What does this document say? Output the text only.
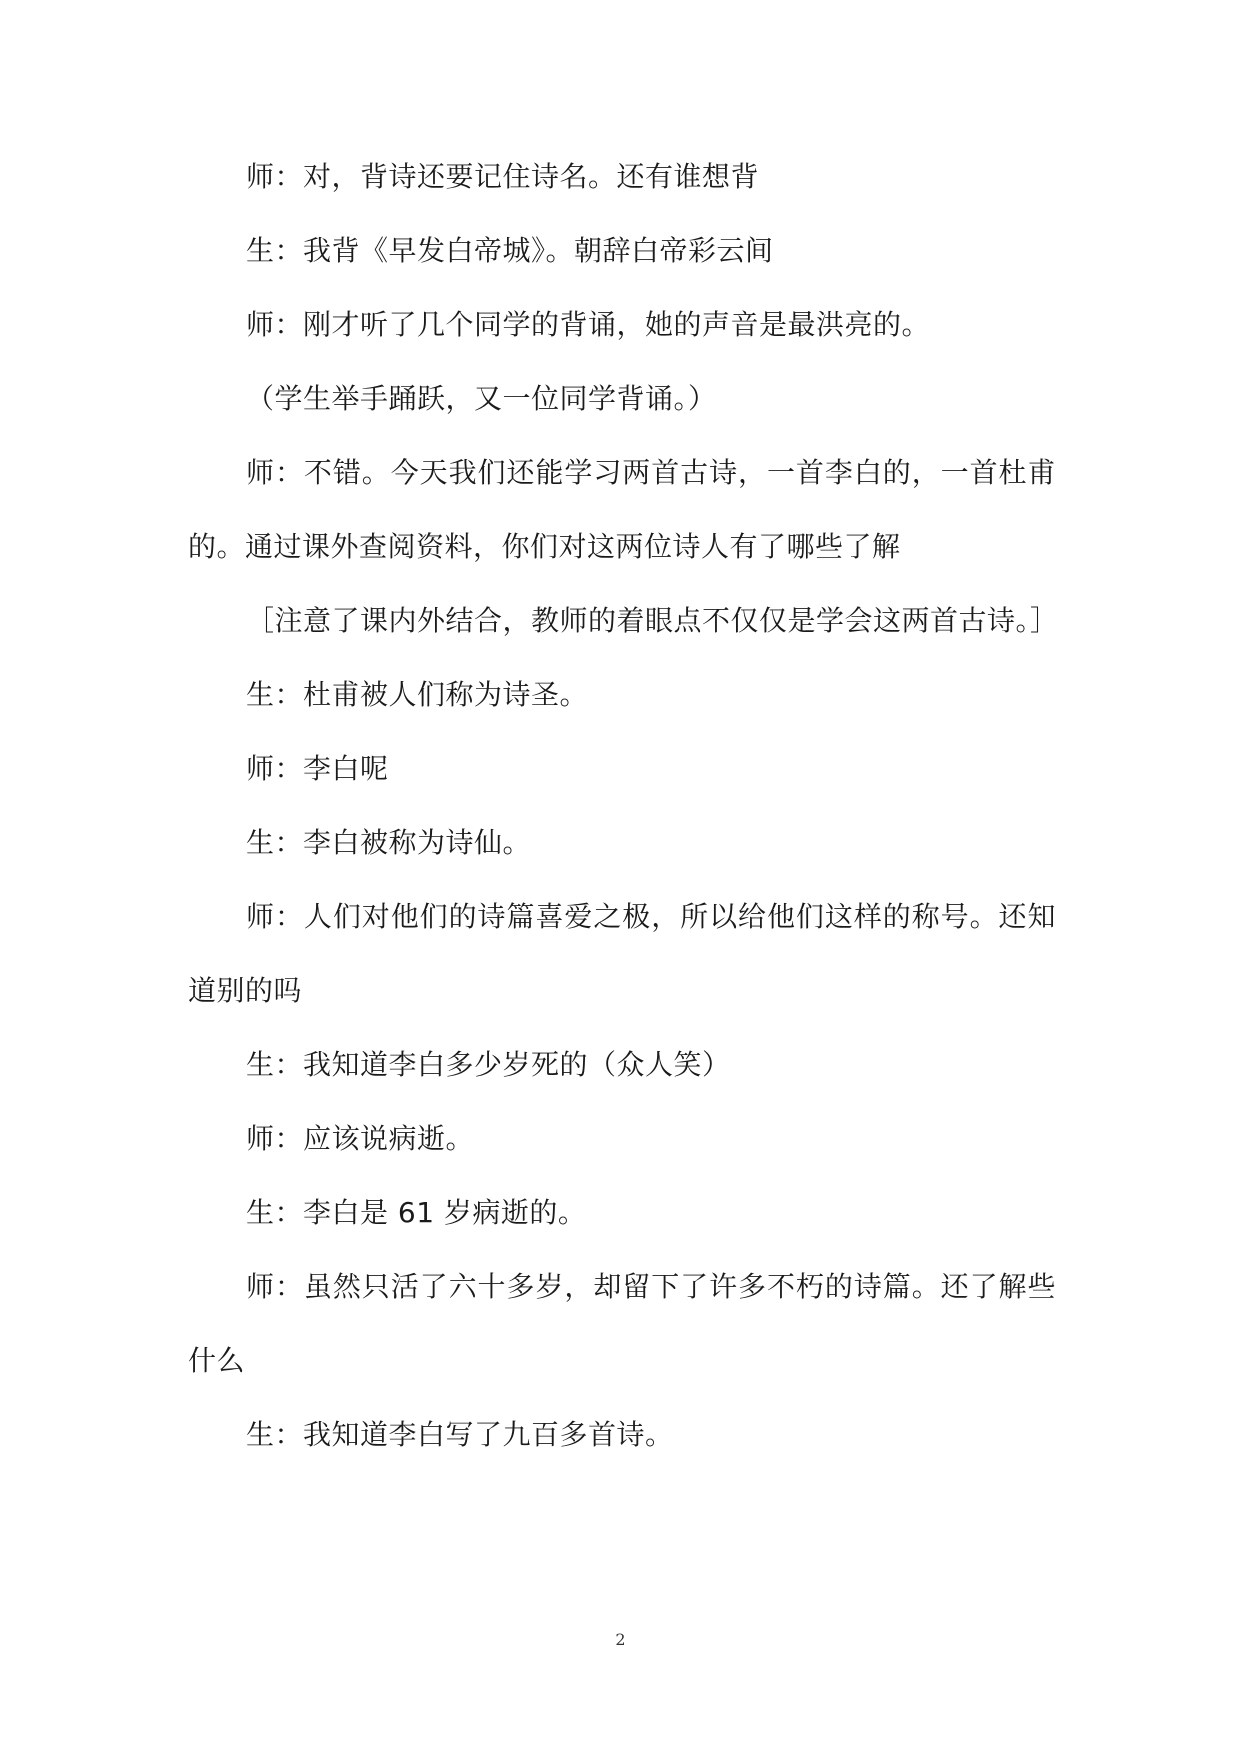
师：对，背诗还要记住诗名。还有谁想背

生：我背《早发白帝城》。朝辞白帝彩云间

师：刚才听了几个同学的背诵，她的声音是最洪亮的。

（学生举手踊跃，又一位同学背诵。）

师：不错。今天我们还能学习两首古诗，一首李白的，一首杜甫的。通过课外查阅资料，你们对这两位诗人有了哪些了解

［注意了课内外结合，教师的着眼点不仅仅是学会这两首古诗。］

生：杜甫被人们称为诗圣。

师：李白呢

生：李白被称为诗仙。

师：人们对他们的诗篇喜爱之极，所以给他们这样的称号。还知道别的吗

生：我知道李白多少岁死的（众人笑）

师：应该说病逝。

生：李白是 61 岁病逝的。

师：虽然只活了六十多岁，却留下了许多不朽的诗篇。还了解些什么

生：我知道李白写了九百多首诗。

2
